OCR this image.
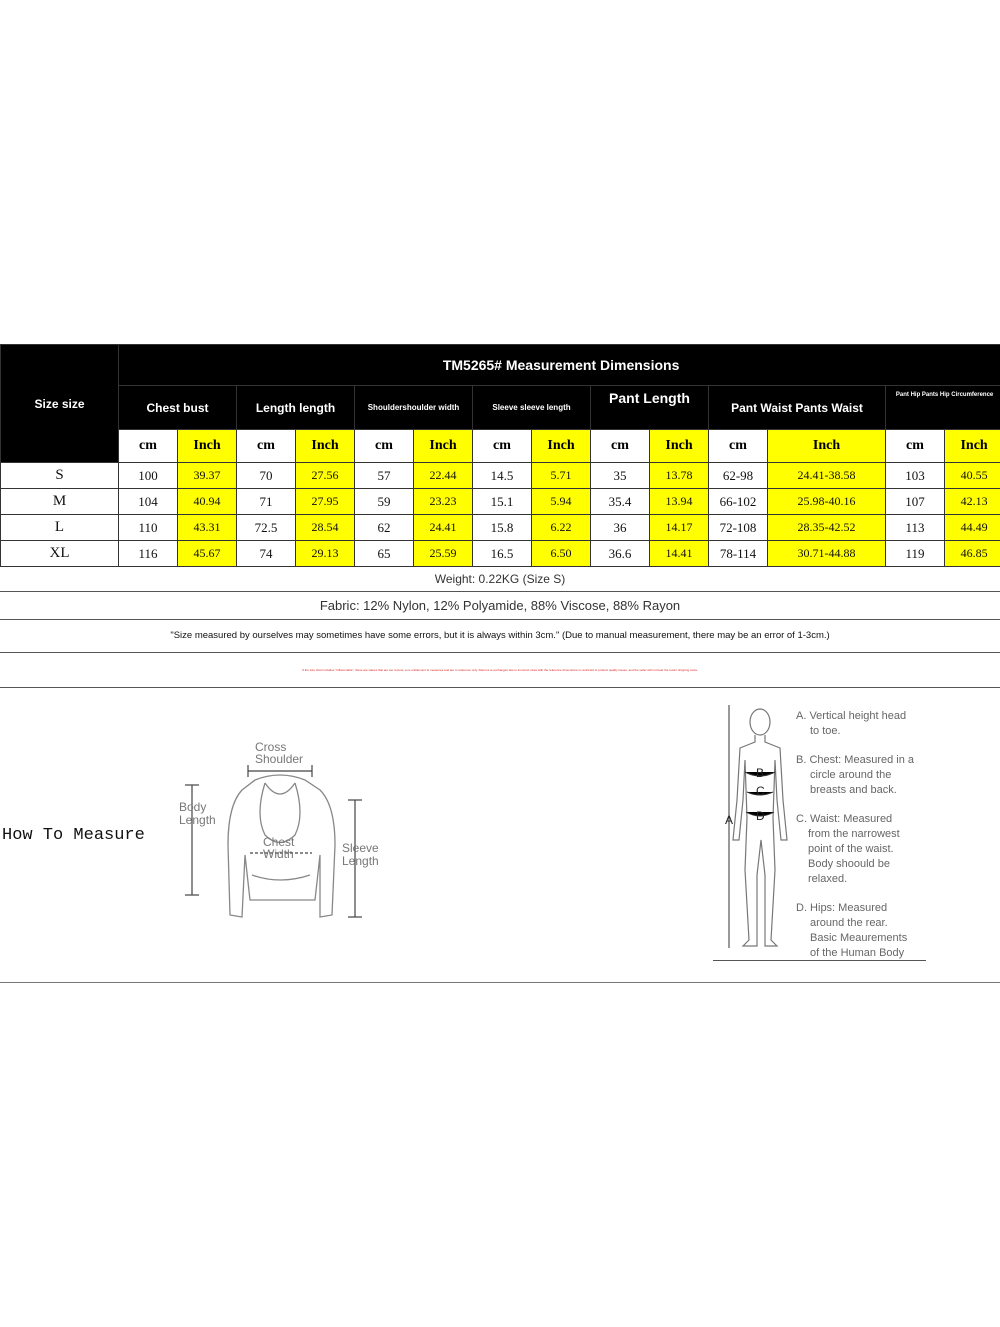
Size size	TM5265# Measurement Dimensions													
	Chest bust		Length length		Shouldershoulder width		Sleeve sleeve length		Pant Length		Pant Waist Pants Waist		Pant Hip Pants Hip Circumference	
	cm	Inch	cm	Inch	cm	Inch	cm	Inch	cm	Inch	cm	Inch	cm	Inch
S	100	39.37	70	27.56	57	22.44	14.5	5.71	35	13.78	62-98	24.41-38.58	103	40.55
M	104	40.94	71	27.95	59	23.23	15.1	5.94	35.4	13.94	66-102	25.98-40.16	107	42.13
L	110	43.31	72.5	28.54	62	24.41	15.8	6.22	36	14.17	72-108	28.35-42.52	113	44.49
XL	116	45.67	74	29.13	65	25.59	16.5	6.50	36.6	14.41	78-114	30.71-44.88	119	46.85
Weight: 0.22KG (Size S)
Fabric: 12% Nylon, 12% Polyamide, 88% Viscose, 88% Rayon
"Size measured by ourselves may sometimes have some errors, but it is always within 3cm." (Due to manual measurement, there may be an error of 1-3cm.)
If the size chart includes "inflammable", these are values that are too remote, a re-entitlement to measures and are in reference only. Returns to exchanges due to incorrect sizes with the reference dimensions is restricted to product quality issues, and the seller will not bear the return shipping costs.
How To Measure
Cross
Shoulder
Body
Length
Chest
Width	Sleeve
Length
A
B
C
D
A. Vertical height head
to toe.
B. Chest: Measured in a
circle around the
breasts and back.
C. Waist: Measured
from the narrowest
point of the waist.
Body shoould be
relaxed.
D. Hips: Measured
around the rear.
Basic Meaurements
of the Human Body
